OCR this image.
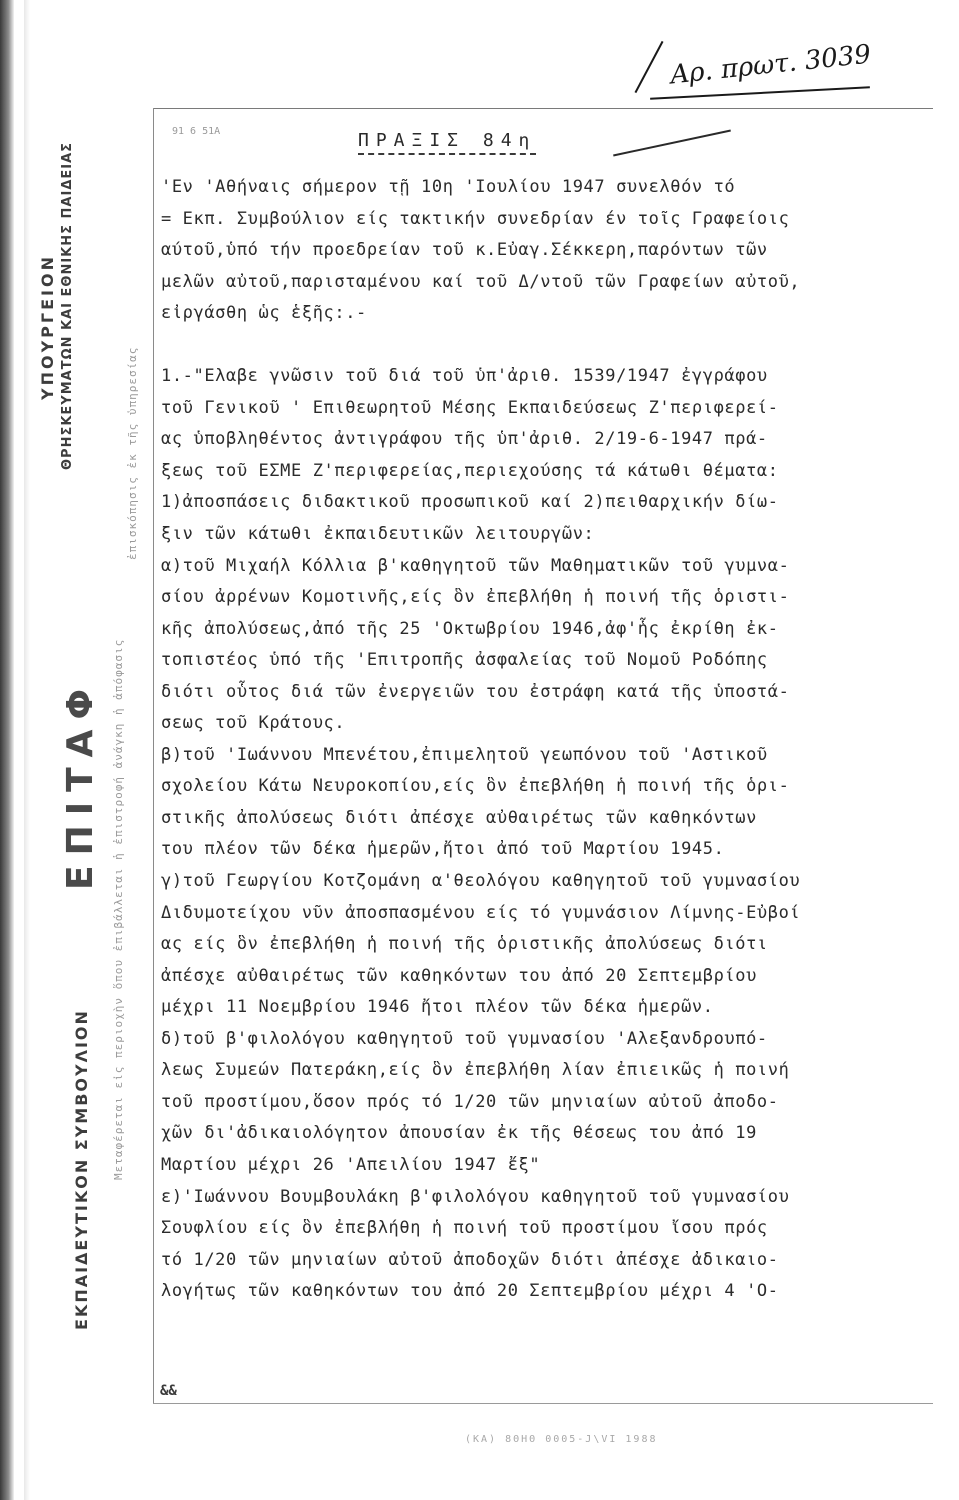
ΥΠΟΥΡΓΕΙΟΝ ΘΡΗΣΚΕΥΜΑΤΩΝ ΚΑΙ ΕΘΝΙΚΗΣ ΠΑΙΔΕΙΑΣ
ΕΠΙΤΑΦ
ΕΚΠΑΙΔΕΥΤΙΚΟΝ ΣΥΜΒΟΥΛΙΟΝ Μεταφέρεται εἰς περιοχὴν ὅπου ἐπιβάλλεται ἡ ἐπιστροφή ἀνάγκη ἡ ἀπόφασις
ἐπισκόπησις ἐκ τῆς ὑπηρεσίας
Αρ. πρωτ. 3039
91 6 51A	ΠΡΑΞΙΣ 84η
'Εν 'Αθήναις σήμερον τῇ 10η 'Ιουλίου 1947 συνελθόν τό
= Εκπ. Συμβούλιον είς τακτικήν συνεδρίαν έν τοῖς Γραφείοις
αύτοῦ,ὑπό τήν προεδρείαν τοῦ κ.Εὐαγ.Σέκκερη,παρόντων τῶν
μελῶν αὐτοῦ,παρισταμένου καί τοῦ Δ/ντοῦ τῶν Γραφείων αὐτοῦ,
εἰργάσθη ὡς ἑξῆς:.-
1.-"Ελαβε γνῶσιν τοῦ διά τοῦ ὑπ'ἀριθ. 1539/1947 ἐγγράφου
τοῦ Γενικοῦ ' Επιθεωρητοῦ Μέσης Εκπαιδεύσεως Ζ'περιφερεί-
ας ὑποβληθέντος ἀντιγράφου τῆς ὑπ'ἀριθ. 2/19-6-1947 πρά-
ξεως τοῦ ΕΣΜΕ Ζ'περιφερείας,περιεχούσης τά κάτωθι θέματα:
1)ἀποσπάσεις διδακτικοῦ προσωπικοῦ καί 2)πειθαρχικήν δίω-
ξιν τῶν κάτωθι ἐκπαιδευτικῶν λειτουργῶν:
α)τοῦ Μιχαήλ Κόλλια β'καθηγητοῦ τῶν Μαθηματικῶν τοῦ γυμνα-
σίου ἀρρένων Κομοτινῆς,είς ὃν ἐπεβλήθη ἡ ποινή τῆς ὁριστι-
κῆς ἀπολύσεως,ἀπό τῆς 25 'Οκτωβρίου 1946,ἀφ'ἧς ἐκρίθη ἐκ-
τοπιστέος ὑπό τῆς 'Επιτροπῆς ἀσφαλείας τοῦ Νομοῦ Ροδόπης
διότι οὗτος διά τῶν ἐνεργειῶν του ἐστράφη κατά τῆς ὑποστά-
σεως τοῦ Κράτους.
β)τοῦ 'Ιωάννου Μπενέτου,ἐπιμελητοῦ γεωπόνου τοῦ 'Αστικοῦ
σχολείου Κάτω Νευροκοπίου,είς ὃν ἐπεβλήθη ἡ ποινή τῆς ὁρι-
στικῆς ἀπολύσεως διότι ἀπέσχε αὐθαιρέτως τῶν καθηκόντων
του πλέον τῶν δέκα ἡμερῶν,ἤτοι ἀπό τοῦ Μαρτίου 1945.
γ)τοῦ Γεωργίου Κοτζομάνη α'θεολόγου καθηγητοῦ τοῦ γυμνασίου
Διδυμοτείχου νῦν ἀποσπασμένου είς τό γυμνάσιον Λίμνης-Εὐβοί
ας είς ὃν ἐπεβλήθη ἡ ποινή τῆς ὁριστικῆς ἀπολύσεως διότι
ἀπέσχε αὐθαιρέτως τῶν καθηκόντων του ἀπό 20 Σεπτεμβρίου
μέχρι 11 Νοεμβρίου 1946 ἤτοι πλέον τῶν δέκα ἡμερῶν.
δ)τοῦ β'φιλολόγου καθηγητοῦ τοῦ γυμνασίου 'Αλεξανδρουπό-
λεως Συμεών Πατεράκη,είς ὃν ἐπεβλήθη λίαν ἐπιεικῶς ἡ ποινή
τοῦ προστίμου,ὅσον πρός τό 1/20 τῶν μηνιαίων αὐτοῦ ἀποδο-
χῶν δι'ἀδικαιολόγητον ἀπουσίαν ἐκ τῆς θέσεως του ἀπό 19
Μαρτίου μέχρι 26 'Απειλίου 1947 ἔξ"
ε)'Ιωάννου Βουμβουλάκη β'φιλολόγου καθηγητοῦ τοῦ γυμνασίου
Σουφλίου είς ὃν ἐπεβλήθη ἡ ποινή τοῦ προστίμου ἴσου πρός
τό 1/20 τῶν μηνιαίων αὐτοῦ ἀποδοχῶν διότι ἀπέσχε ἀδικαιο-
λογήτως τῶν καθηκόντων του ἀπό 20 Σεπτεμβρίου μέχρι 4 'Ο-
&&
(ΚΑ) 8ΘΗΘ 0005-J\VΙ 1988
